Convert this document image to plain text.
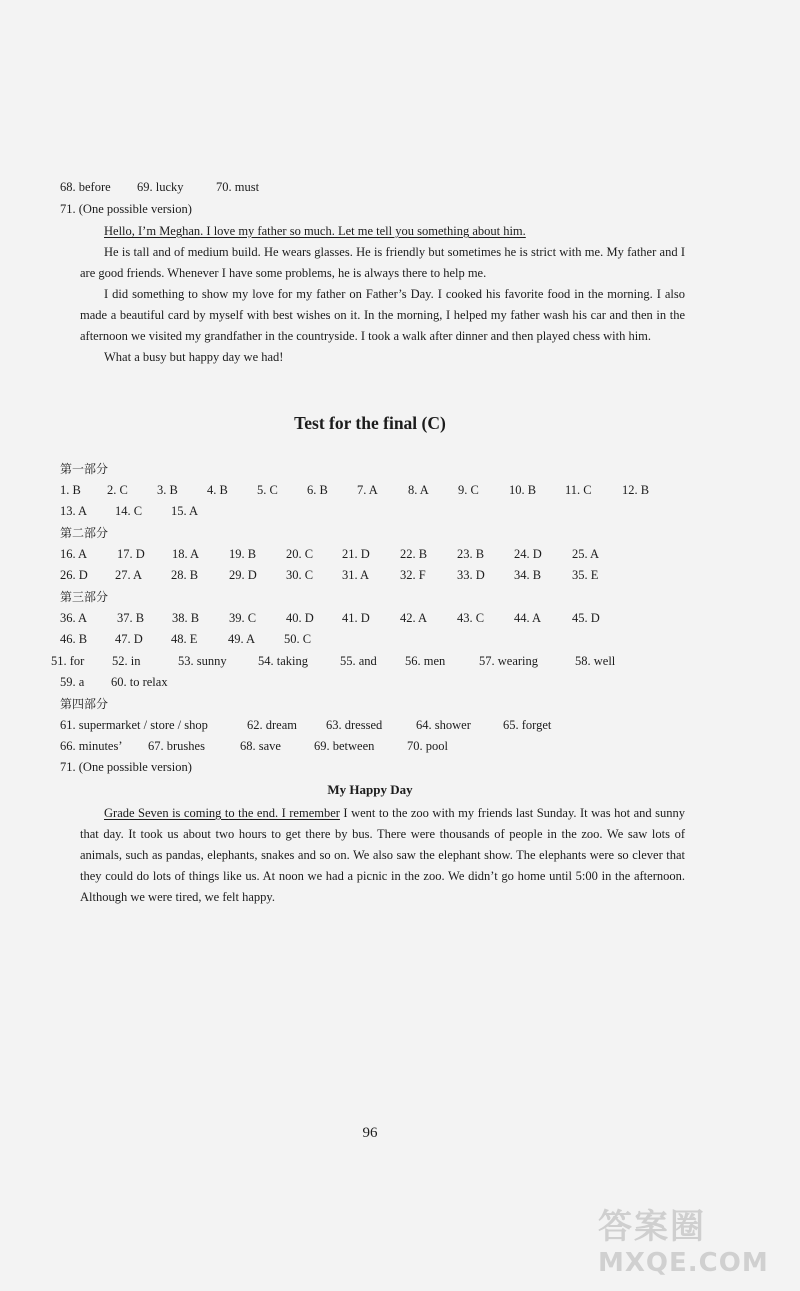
68. before 69. lucky	70. must
71. (One possible version)

Hello, I’m Meghan. I love my father so much. Let me tell you something about him.

He is tall and of medium build. He wears glasses. He is friendly but sometimes he is strict with me. My father and I are good friends. Whenever I have some problems, he is always there to help me.

I did something to show my love for my father on Father’s Day. I cooked his favorite food in the morning. I also made a beautiful card by myself with best wishes on it. In the morning, I helped my father wash his car and then in the afternoon we visited my grandfather in the countryside. I took a walk after dinner and then played chess with him.

What a busy but happy day we had!

Test for the final (C)
第一部分
1. B 2. C 3. B 4. B 5. C 6. B 7. A 8. A 9. C 10. B 11. C 12. B
13. A 14. C 15. A
第二部分
16. A 17. D 18. A 19. B 20. C 21. D 22. B 23. B 24. D 25. A
26. D 27. A 28. B 29. D 30. C 31. A 32. F	33. D 34. B 35. E
第三部分
36. A 37. B 38. B 39. C 40. D 41. D 42. A 43. C 44. A 45. D
46. B 47. D 48. E 49. A 50. C
51. for 52. in	53. sunny	54. taking	55. and 56. men	57. wearing	58. well
59. a 60. to relax
第四部分
61. supermarket / store / shop	62. dream 63. dressed	64. shower	65. forget
66. minutes’ 67. brushes	68. save	69. between	70. pool
71. (One possible version)
My Happy Day

Grade Seven is coming to the end. I remember I went to the zoo with my friends last Sunday. It was hot and sunny that day. It took us about two hours to get there by bus. There were thousands of people in the zoo. We saw lots of animals, such as pandas, elephants, snakes and so on. We also saw the elephant show. The elephants were so clever that they could do lots of things like us. At noon we had a picnic in the zoo. We didn’t go home until 5:00 in the afternoon. Although we were tired, we felt happy.

96
答案圈
MXQE.COM
